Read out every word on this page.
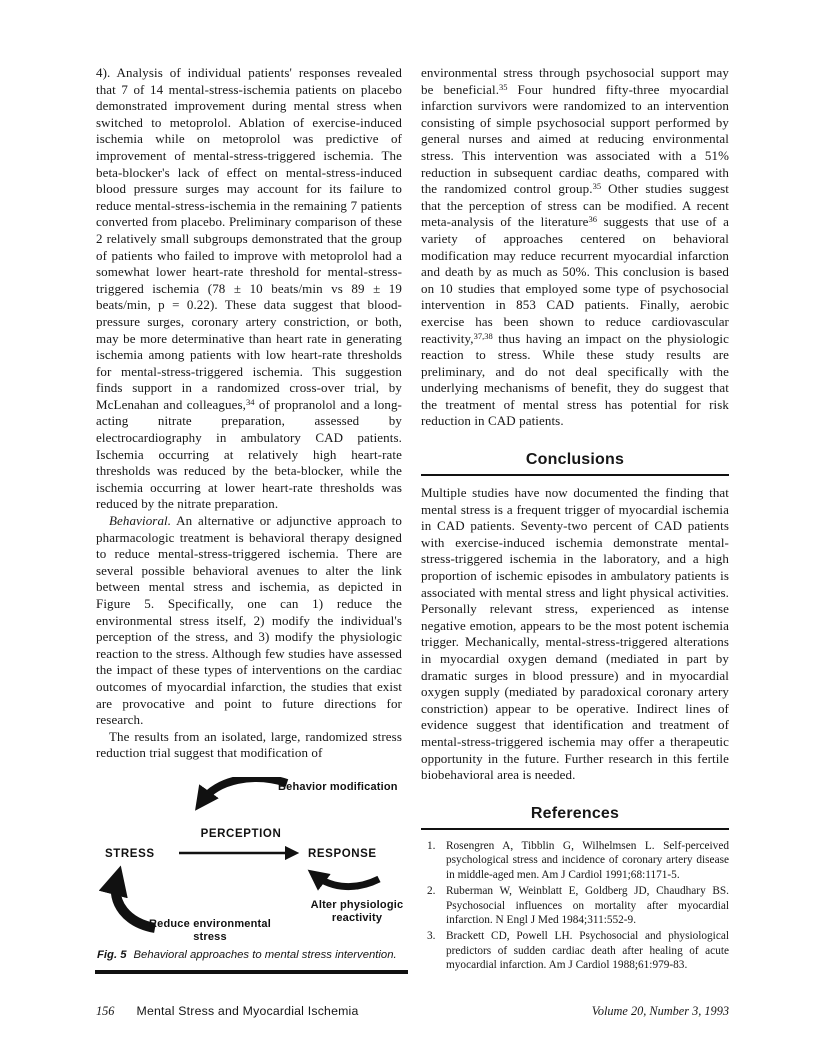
4). Analysis of individual patients' responses revealed that 7 of 14 mental-stress-ischemia patients on placebo demonstrated improvement during mental stress when switched to metoprolol. Ablation of exercise-induced ischemia while on metoprolol was predictive of improvement of mental-stress-triggered ischemia. The beta-blocker's lack of effect on mental-stress-induced blood pressure surges may account for its failure to reduce mental-stress-ischemia in the remaining 7 patients converted from placebo. Preliminary comparison of these 2 relatively small subgroups demonstrated that the group of patients who failed to improve with metoprolol had a somewhat lower heart-rate threshold for mental-stress-triggered ischemia (78 ± 10 beats/min vs 89 ± 19 beats/min, p = 0.22). These data suggest that blood-pressure surges, coronary artery constriction, or both, may be more determinative than heart rate in generating ischemia among patients with low heart-rate thresholds for mental-stress-triggered ischemia. This suggestion finds support in a randomized cross-over trial, by McLenahan and colleagues,$^{34}$ of propranolol and a long-acting nitrate preparation, assessed by electrocardiography in ambulatory CAD patients. Ischemia occurring at relatively high heart-rate thresholds was reduced by the beta-blocker, while the ischemia occurring at lower heart-rate thresholds was reduced by the nitrate preparation.

Behavioral. An alternative or adjunctive approach to pharmacologic treatment is behavioral therapy designed to reduce mental-stress-triggered ischemia. There are several possible behavioral avenues to alter the link between mental stress and ischemia, as depicted in Figure 5. Specifically, one can 1) reduce the environmental stress itself, 2) modify the individual's perception of the stress, and 3) modify the physiologic reaction to the stress. Although few studies have assessed the impact of these types of interventions on the cardiac outcomes of myocardial infarction, the studies that exist are provocative and point to future directions for research.

The results from an isolated, large, randomized stress reduction trial suggest that modification of

Behavior modification
PERCEPTION
STRESS	RESPONSE
Alter physiologic
reactivity
Reduce environmental
stress
Fig. 5 Behavioral approaches to mental stress intervention.

environmental stress through psychosocial support may be beneficial.$^{35}$ Four hundred fifty-three myocardial infarction survivors were randomized to an intervention consisting of simple psychosocial support performed by general nurses and aimed at reducing environmental stress. This intervention was associated with a 51% reduction in subsequent cardiac deaths, compared with the randomized control group.$^{35}$ Other studies suggest that the perception of stress can be modified. A recent meta-analysis of the literature$^{36}$ suggests that use of a variety of approaches centered on behavioral modification may reduce recurrent myocardial infarction and death by as much as 50%. This conclusion is based on 10 studies that employed some type of psychosocial intervention in 853 CAD patients. Finally, aerobic exercise has been shown to reduce cardiovascular reactivity,$^{37,38}$ thus having an impact on the physiologic reaction to stress. While these study results are preliminary, and do not deal specifically with the underlying mechanisms of benefit, they do suggest that the treatment of mental stress has potential for risk reduction in CAD patients.

Conclusions

Multiple studies have now documented the finding that mental stress is a frequent trigger of myocardial ischemia in CAD patients. Seventy-two percent of CAD patients with exercise-induced ischemia demonstrate mental-stress-triggered ischemia in the laboratory, and a high proportion of ischemic episodes in ambulatory patients is associated with mental stress and light physical activities. Personally relevant stress, experienced as intense negative emotion, appears to be the most potent ischemia trigger. Mechanically, mental-stress-triggered alterations in myocardial oxygen demand (mediated in part by dramatic surges in blood pressure) and in myocardial oxygen supply (mediated by paradoxical coronary artery constriction) appear to be operative. Indirect lines of evidence suggest that identification and treatment of mental-stress-triggered ischemia may offer a therapeutic opportunity in the future. Further research in this fertile biobehavioral area is needed.

References
1. Rosengren A, Tibblin G, Wilhelmsen L. Self-perceived psychological stress and incidence of coronary artery disease in middle-aged men. Am J Cardiol 1991;68:1171-5.
2. Ruberman W, Weinblatt E, Goldberg JD, Chaudhary BS. Psychosocial influences on mortality after myocardial infarction. N Engl J Med 1984;311:552-9.
3. Brackett CD, Powell LH. Psychosocial and physiological predictors of sudden cardiac death after healing of acute myocardial infarction. Am J Cardiol 1988;61:979-83.
156 Mental Stress and Myocardial Ischemia	Volume 20, Number 3, 1993
